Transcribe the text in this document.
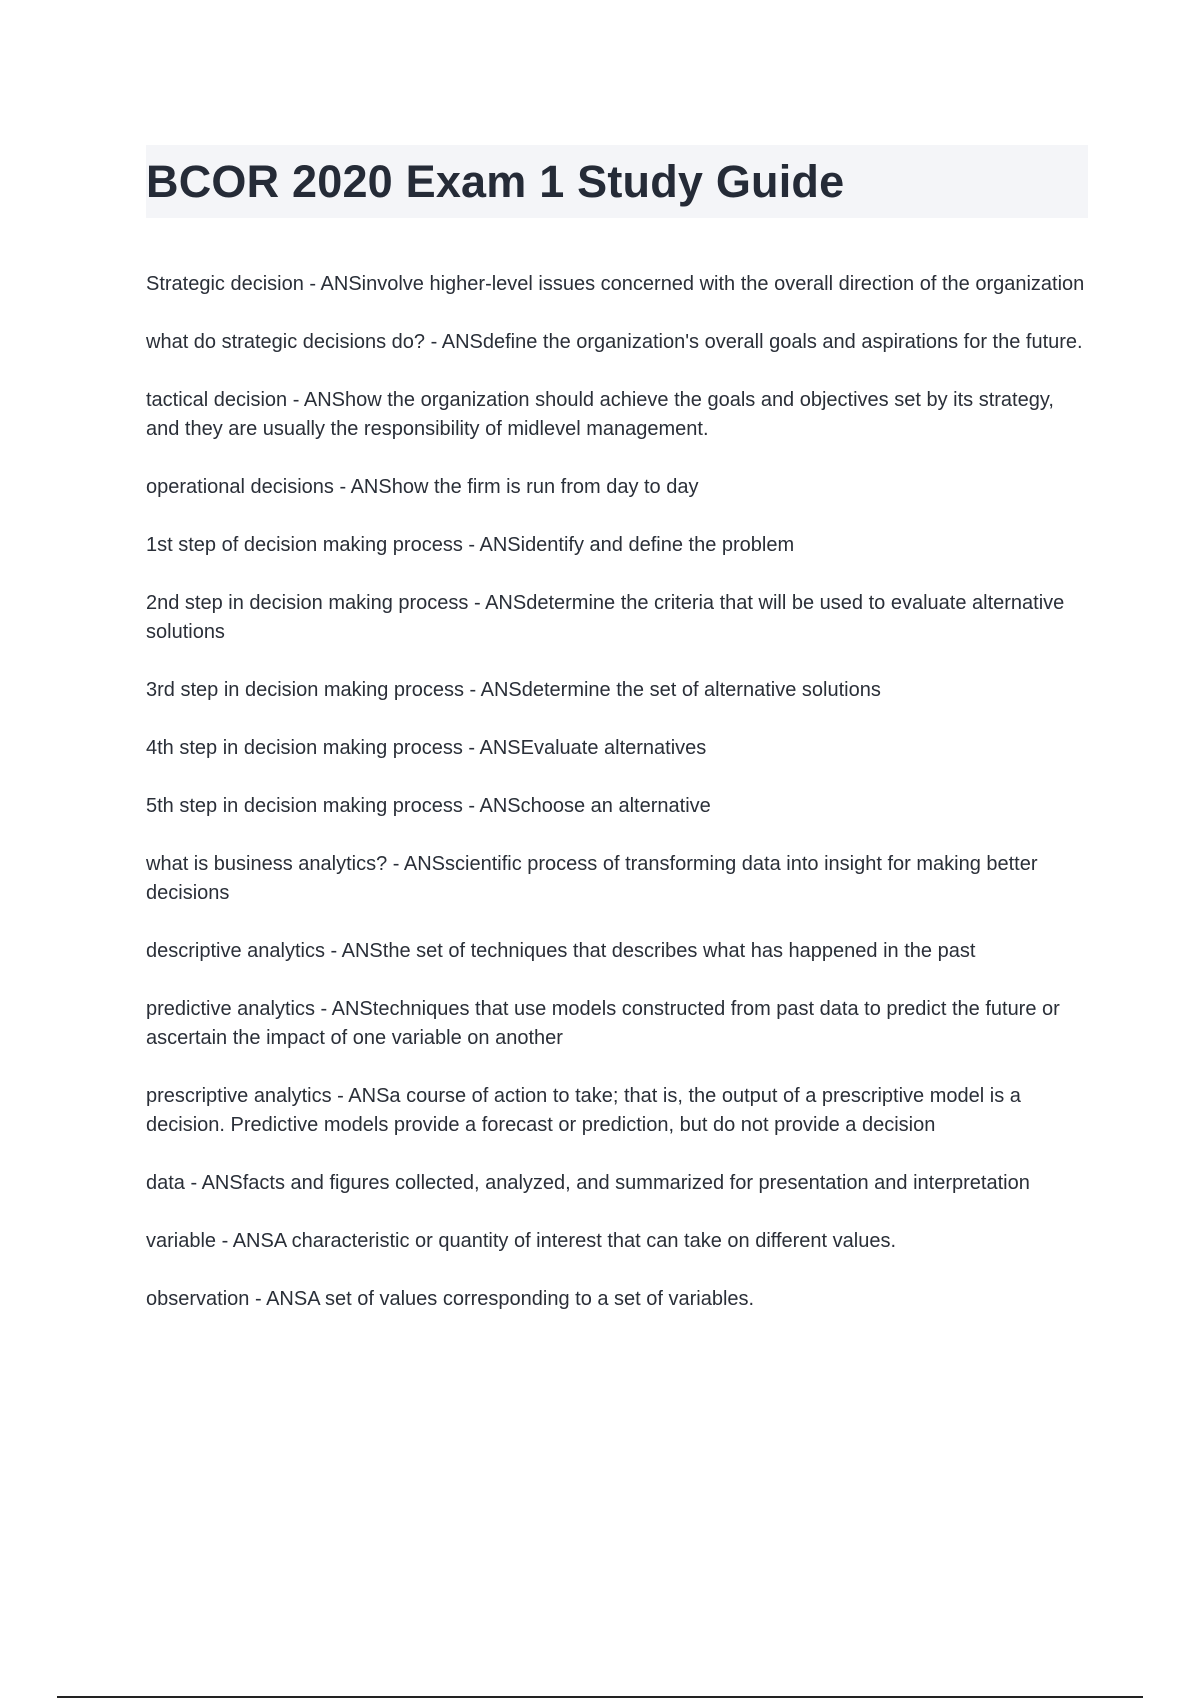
BCOR 2020 Exam 1 Study Guide
Strategic decision - ANSinvolve higher-level issues concerned with the overall direction of the organization
what do strategic decisions do? - ANSdefine the organization's overall goals and aspirations for the future.
tactical decision - ANShow the organization should achieve the goals and objectives set by its strategy, and they are usually the responsibility of midlevel management.
operational decisions - ANShow the firm is run from day to day
1st step of decision making process - ANSidentify and define the problem
2nd step in decision making process - ANSdetermine the criteria that will be used to evaluate alternative solutions
3rd step in decision making process - ANSdetermine the set of alternative solutions
4th step in decision making process - ANSEvaluate alternatives
5th step in decision making process - ANSchoose an alternative
what is business analytics? - ANSscientific process of transforming data into insight for making better decisions
descriptive analytics - ANSthe set of techniques that describes what has happened in the past
predictive analytics - ANStechniques that use models constructed from past data to predict the future or ascertain the impact of one variable on another
prescriptive analytics - ANSa course of action to take; that is, the output of a prescriptive model is a decision. Predictive models provide a forecast or prediction, but do not provide a decision
data - ANSfacts and figures collected, analyzed, and summarized for presentation and interpretation
variable - ANSA characteristic or quantity of interest that can take on different values.
observation - ANSA set of values corresponding to a set of variables.
